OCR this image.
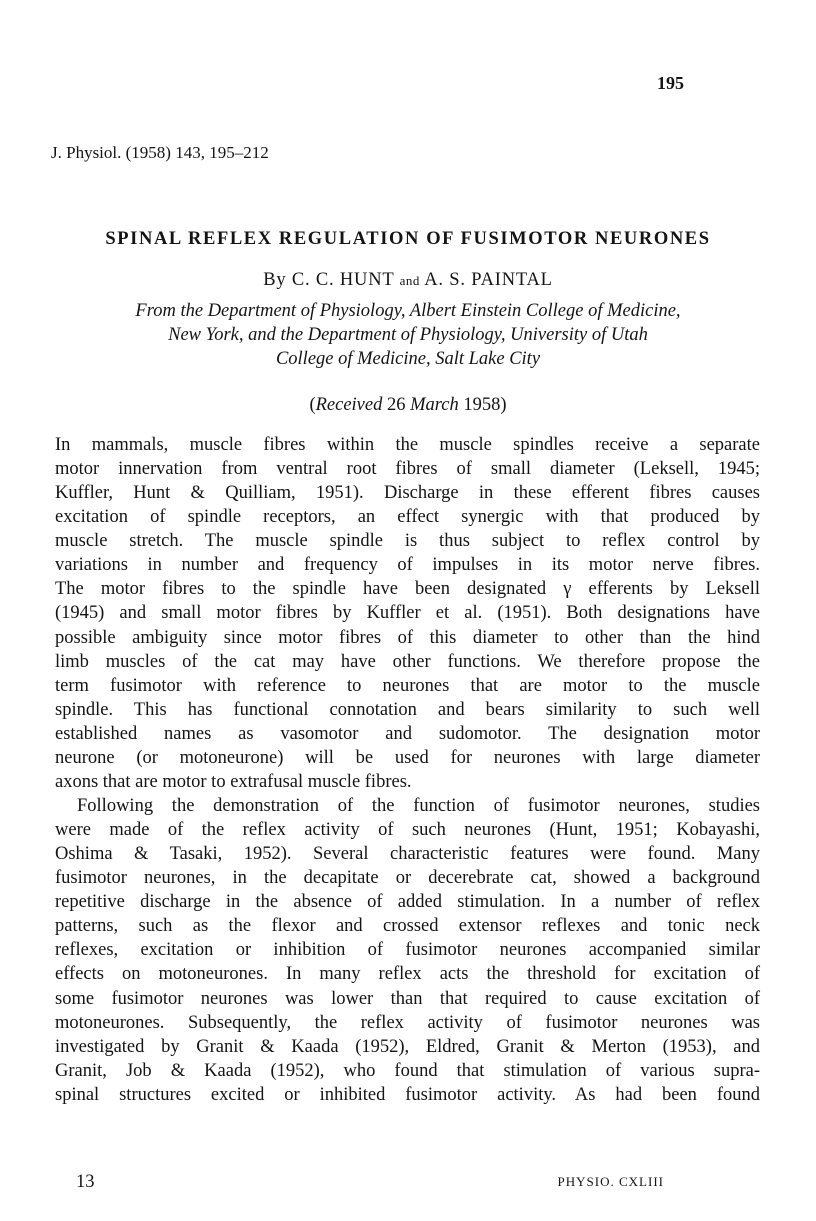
195
J. Physiol. (1958) 143, 195–212
SPINAL REFLEX REGULATION OF FUSIMOTOR NEURONES
By C. C. HUNT and A. S. PAINTAL
From the Department of Physiology, Albert Einstein College of Medicine,
New York, and the Department of Physiology, University of Utah
College of Medicine, Salt Lake City
(Received 26 March 1958)
In mammals, muscle fibres within the muscle spindles receive a separate
motor innervation from ventral root fibres of small diameter (Leksell, 1945;
Kuffler, Hunt & Quilliam, 1951). Discharge in these efferent fibres causes
excitation of spindle receptors, an effect synergic with that produced by
muscle stretch. The muscle spindle is thus subject to reflex control by
variations in number and frequency of impulses in its motor nerve fibres.
The motor fibres to the spindle have been designated γ efferents by Leksell
(1945) and small motor fibres by Kuffler et al. (1951). Both designations have
possible ambiguity since motor fibres of this diameter to other than the hind
limb muscles of the cat may have other functions. We therefore propose the
term fusimotor with reference to neurones that are motor to the muscle
spindle. This has functional connotation and bears similarity to such well
established names as vasomotor and sudomotor. The designation motor
neurone (or motoneurone) will be used for neurones with large diameter
axons that are motor to extrafusal muscle fibres.
Following the demonstration of the function of fusimotor neurones, studies
were made of the reflex activity of such neurones (Hunt, 1951; Kobayashi,
Oshima & Tasaki, 1952). Several characteristic features were found. Many
fusimotor neurones, in the decapitate or decerebrate cat, showed a background
repetitive discharge in the absence of added stimulation. In a number of reflex
patterns, such as the flexor and crossed extensor reflexes and tonic neck
reflexes, excitation or inhibition of fusimotor neurones accompanied similar
effects on motoneurones. In many reflex acts the threshold for excitation of
some fusimotor neurones was lower than that required to cause excitation of
motoneurones. Subsequently, the reflex activity of fusimotor neurones was
investigated by Granit & Kaada (1952), Eldred, Granit & Merton (1953), and
Granit, Job & Kaada (1952), who found that stimulation of various supra-
spinal structures excited or inhibited fusimotor activity. As had been found
13	PHYSIO. CXLIII
